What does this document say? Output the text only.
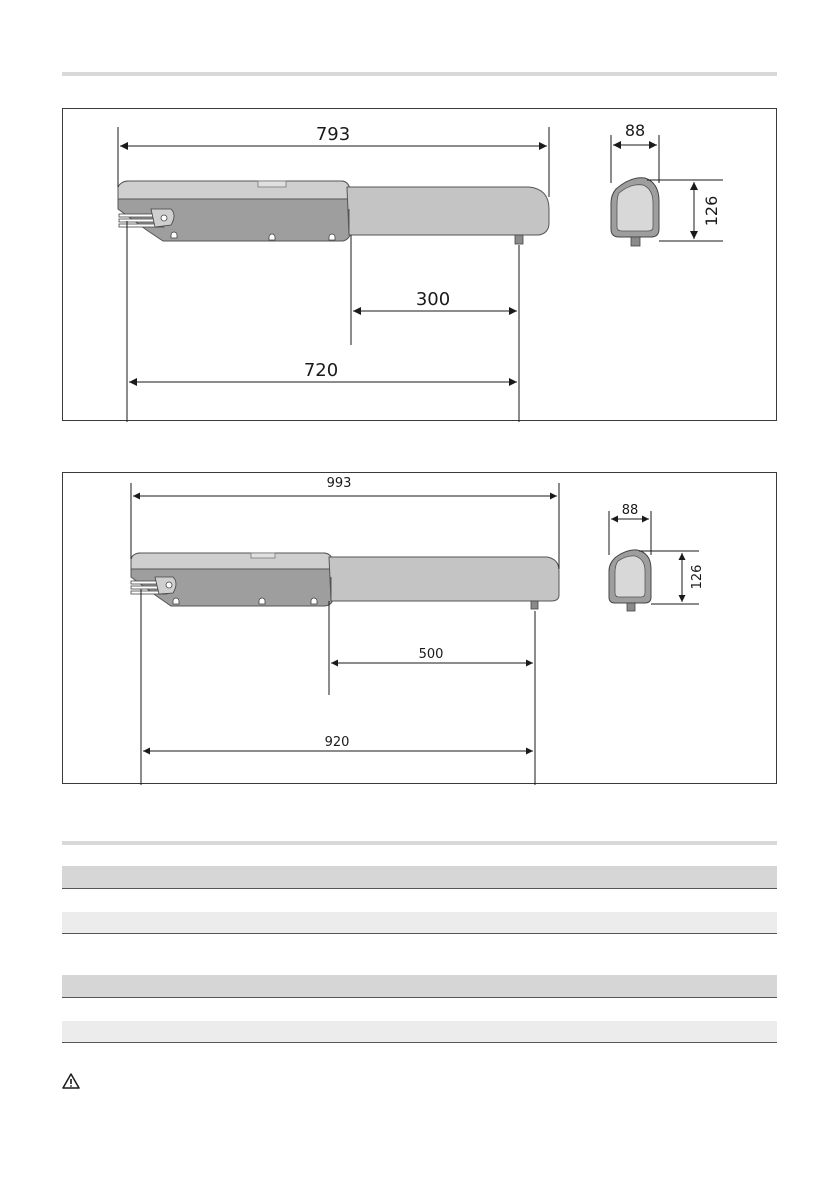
793
300
720
88
126
993
500
920
88
126
